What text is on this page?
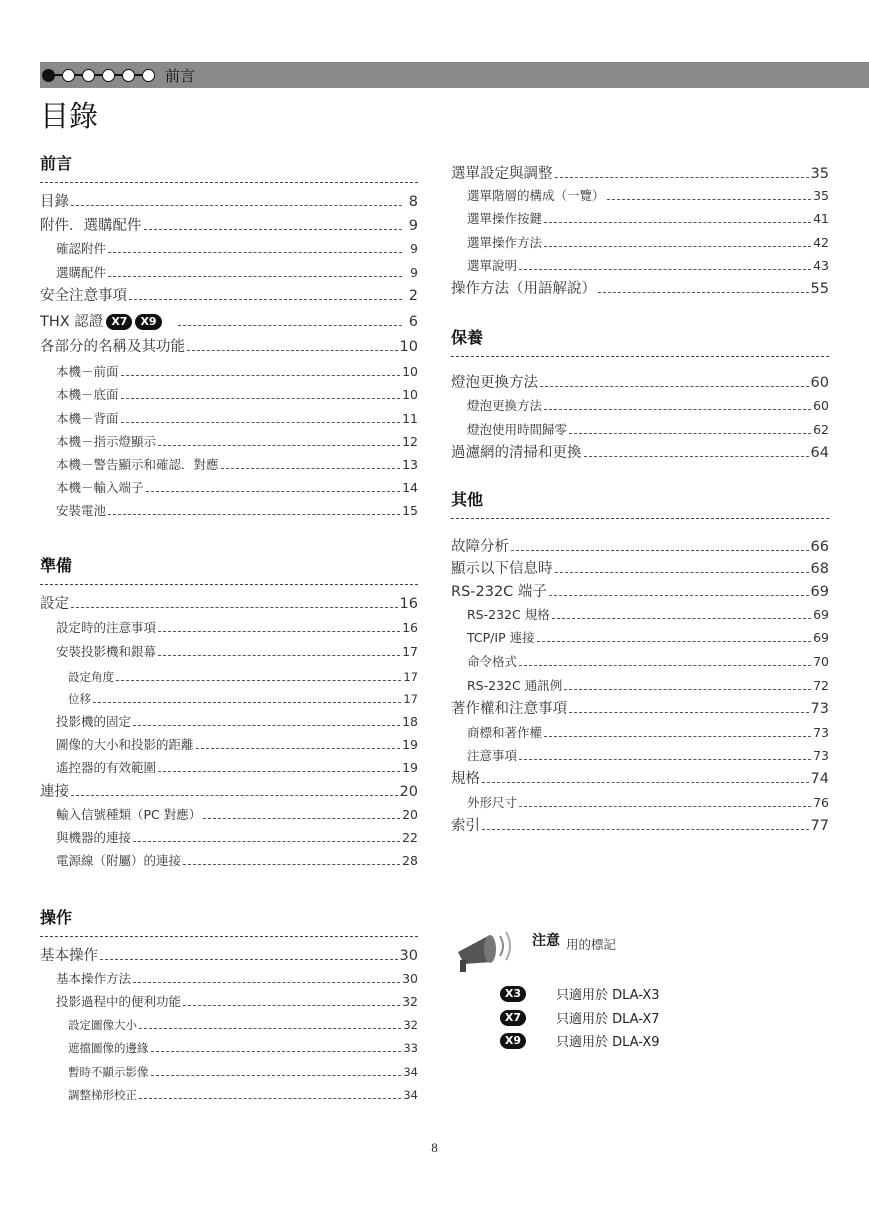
前言
目錄
前言
目錄	8
附件．選購配件	9
確認附件	9
選購配件	9
安全注意事項	2
THX 認證 X7	X9	6
各部分的名稱及其功能	10
本機－前面	10
本機－底面	10
本機－背面	11
本機－指示燈顯示	12
本機－警告顯示和確認．對應	13
本機－輸入端子	14
安裝電池	15
準備
設定	16
設定時的注意事項	16
安裝投影機和銀幕	17
設定角度	17
位移	17
投影機的固定	18
圖像的大小和投影的距離	19
遙控器的有效範圍	19
連接	20
輸入信號種類（PC 對應）	20
與機器的連接	22
電源線（附屬）的連接	28
操作
基本操作	30
基本操作方法	30
投影過程中的便利功能	32
設定圖像大小	32
遮擋圖像的邊緣	33
暫時不顯示影像	34
調整梯形校正	34
選單設定與調整	35
選單階層的構成（一覽）	35
選單操作按鍵	41
選單操作方法	42
選單說明	43
操作方法（用語解說）	55
保養
燈泡更換方法	60
燈泡更換方法	60
燈泡使用時間歸零	62
過濾網的清掃和更換	64
其他
故障分析	66
顯示以下信息時	68
RS-232C 端子	69
RS-232C 規格	69
TCP/IP 連接	69
命令格式	70
RS-232C 通訊例	72
著作權和注意事項	73
商標和著作權	73
注意事項	73
規格	74
外形尺寸	76
索引	77
注意 用的標記
X3	只適用於 DLA-X3
X7	只適用於 DLA-X7
X9	只適用於 DLA-X9
8
